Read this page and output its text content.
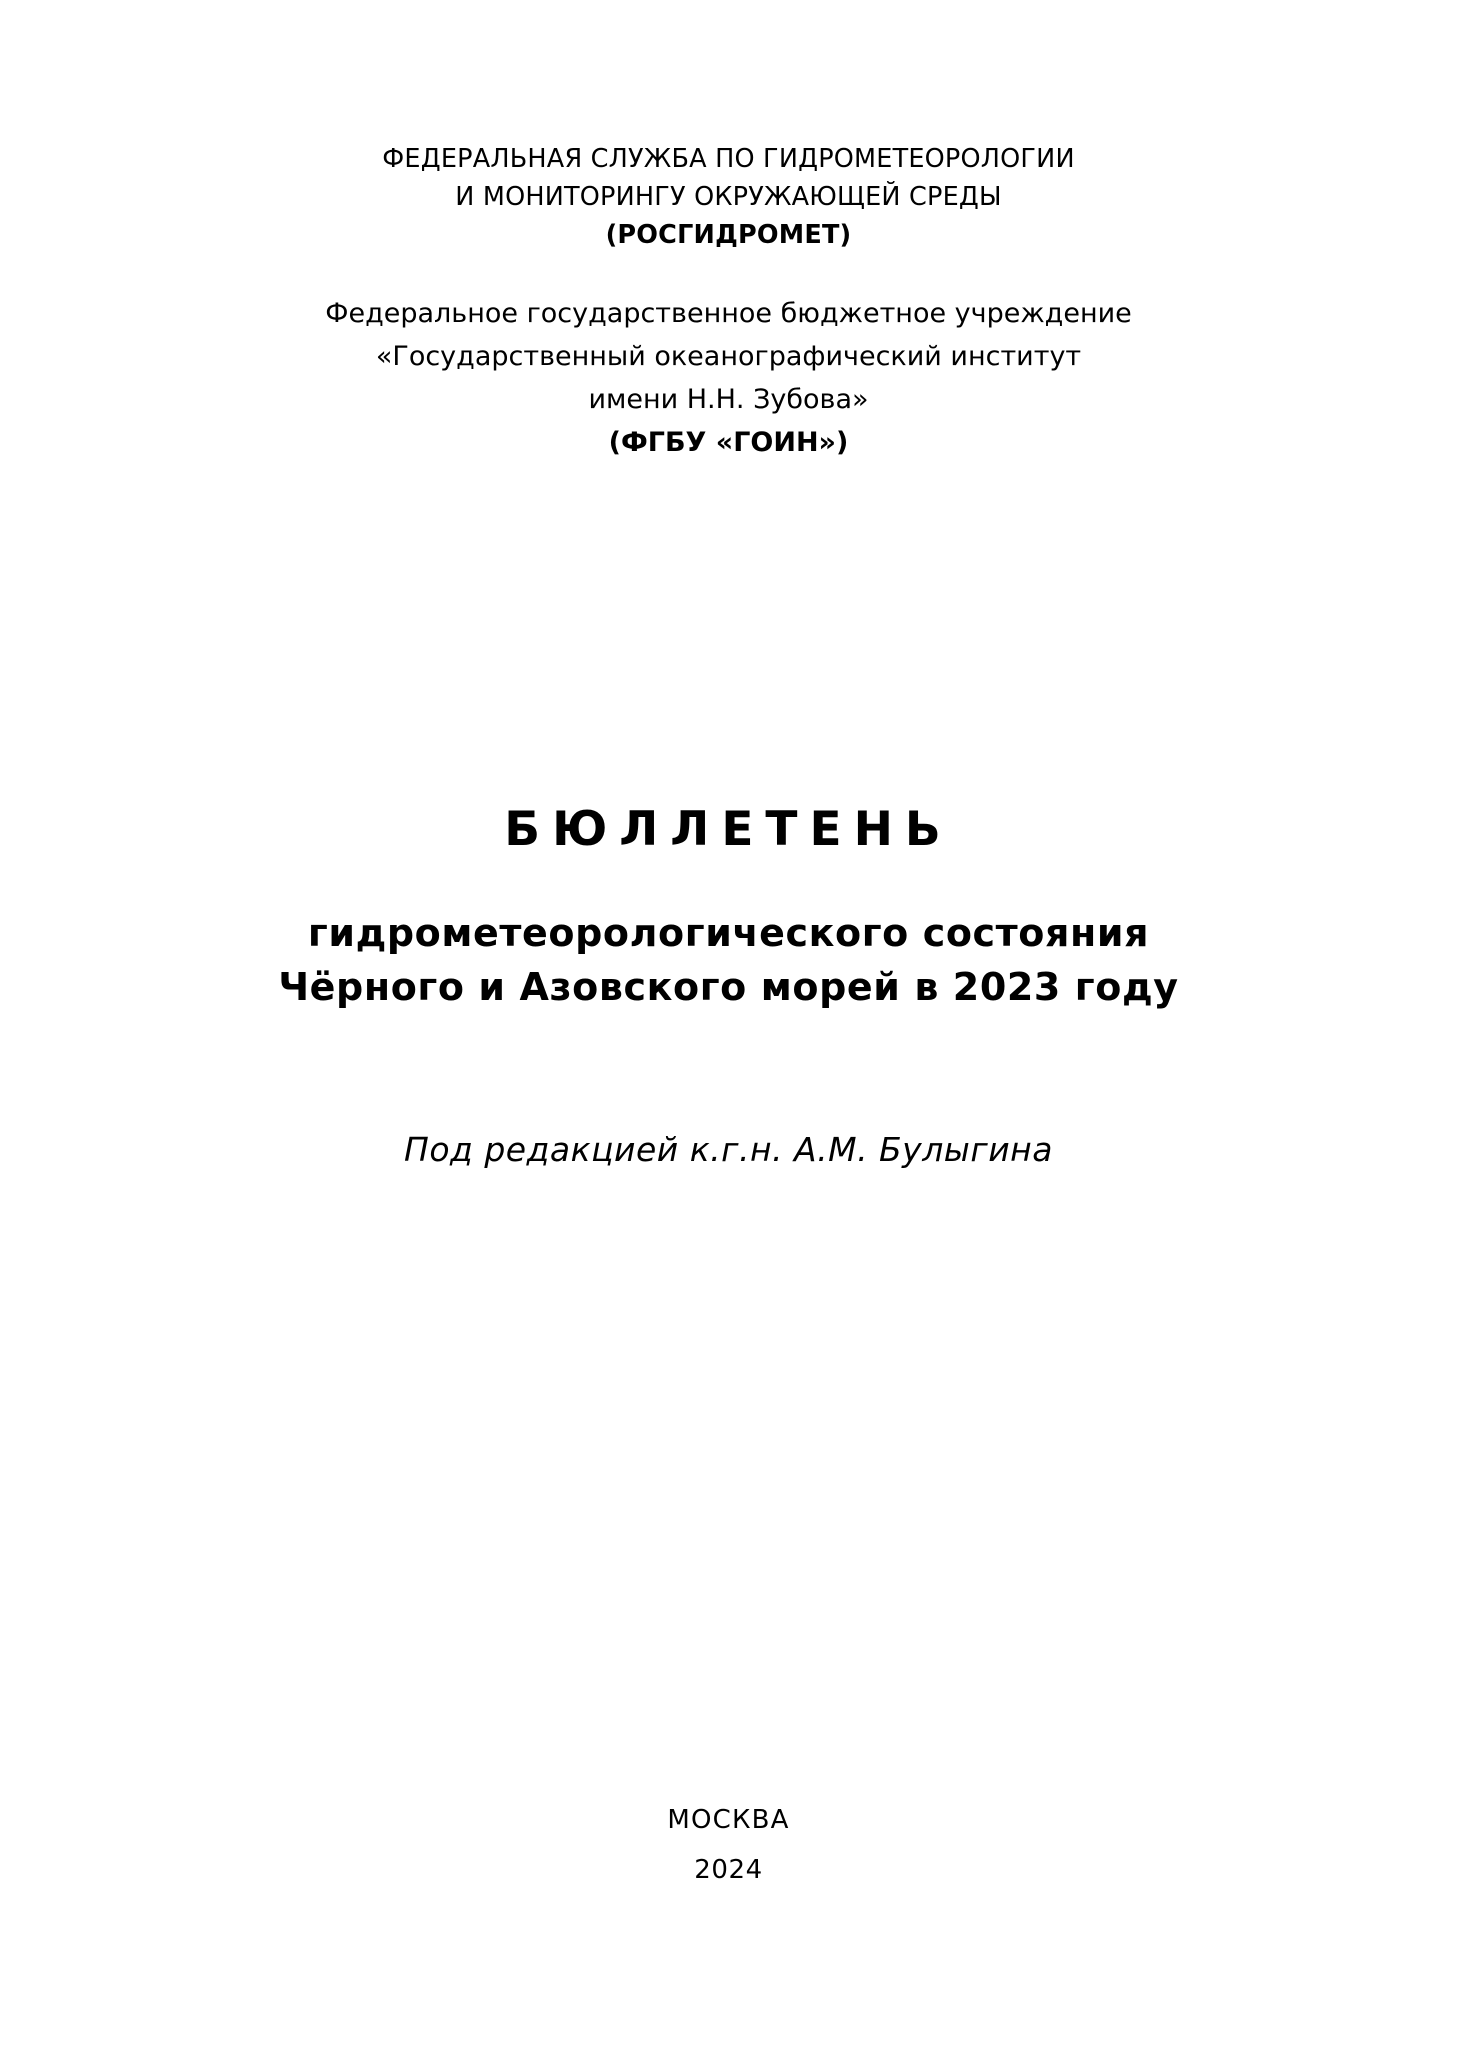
ФЕДЕРАЛЬНАЯ СЛУЖБА ПО ГИДРОМЕТЕОРОЛОГИИ
И МОНИТОРИНГУ ОКРУЖАЮЩЕЙ СРЕДЫ
(РОСГИДРОМЕТ)
Федеральное государственное бюджетное учреждение
«Государственный океанографический институт
имени Н.Н. Зубова»
(ФГБУ «ГОИН»)
БЮЛЛЕТЕНЬ
гидрометеорологического состояния
Чёрного и Азовского морей в 2023 году
Под редакцией к.г.н. А.М. Булыгина
МОСКВА
2024
